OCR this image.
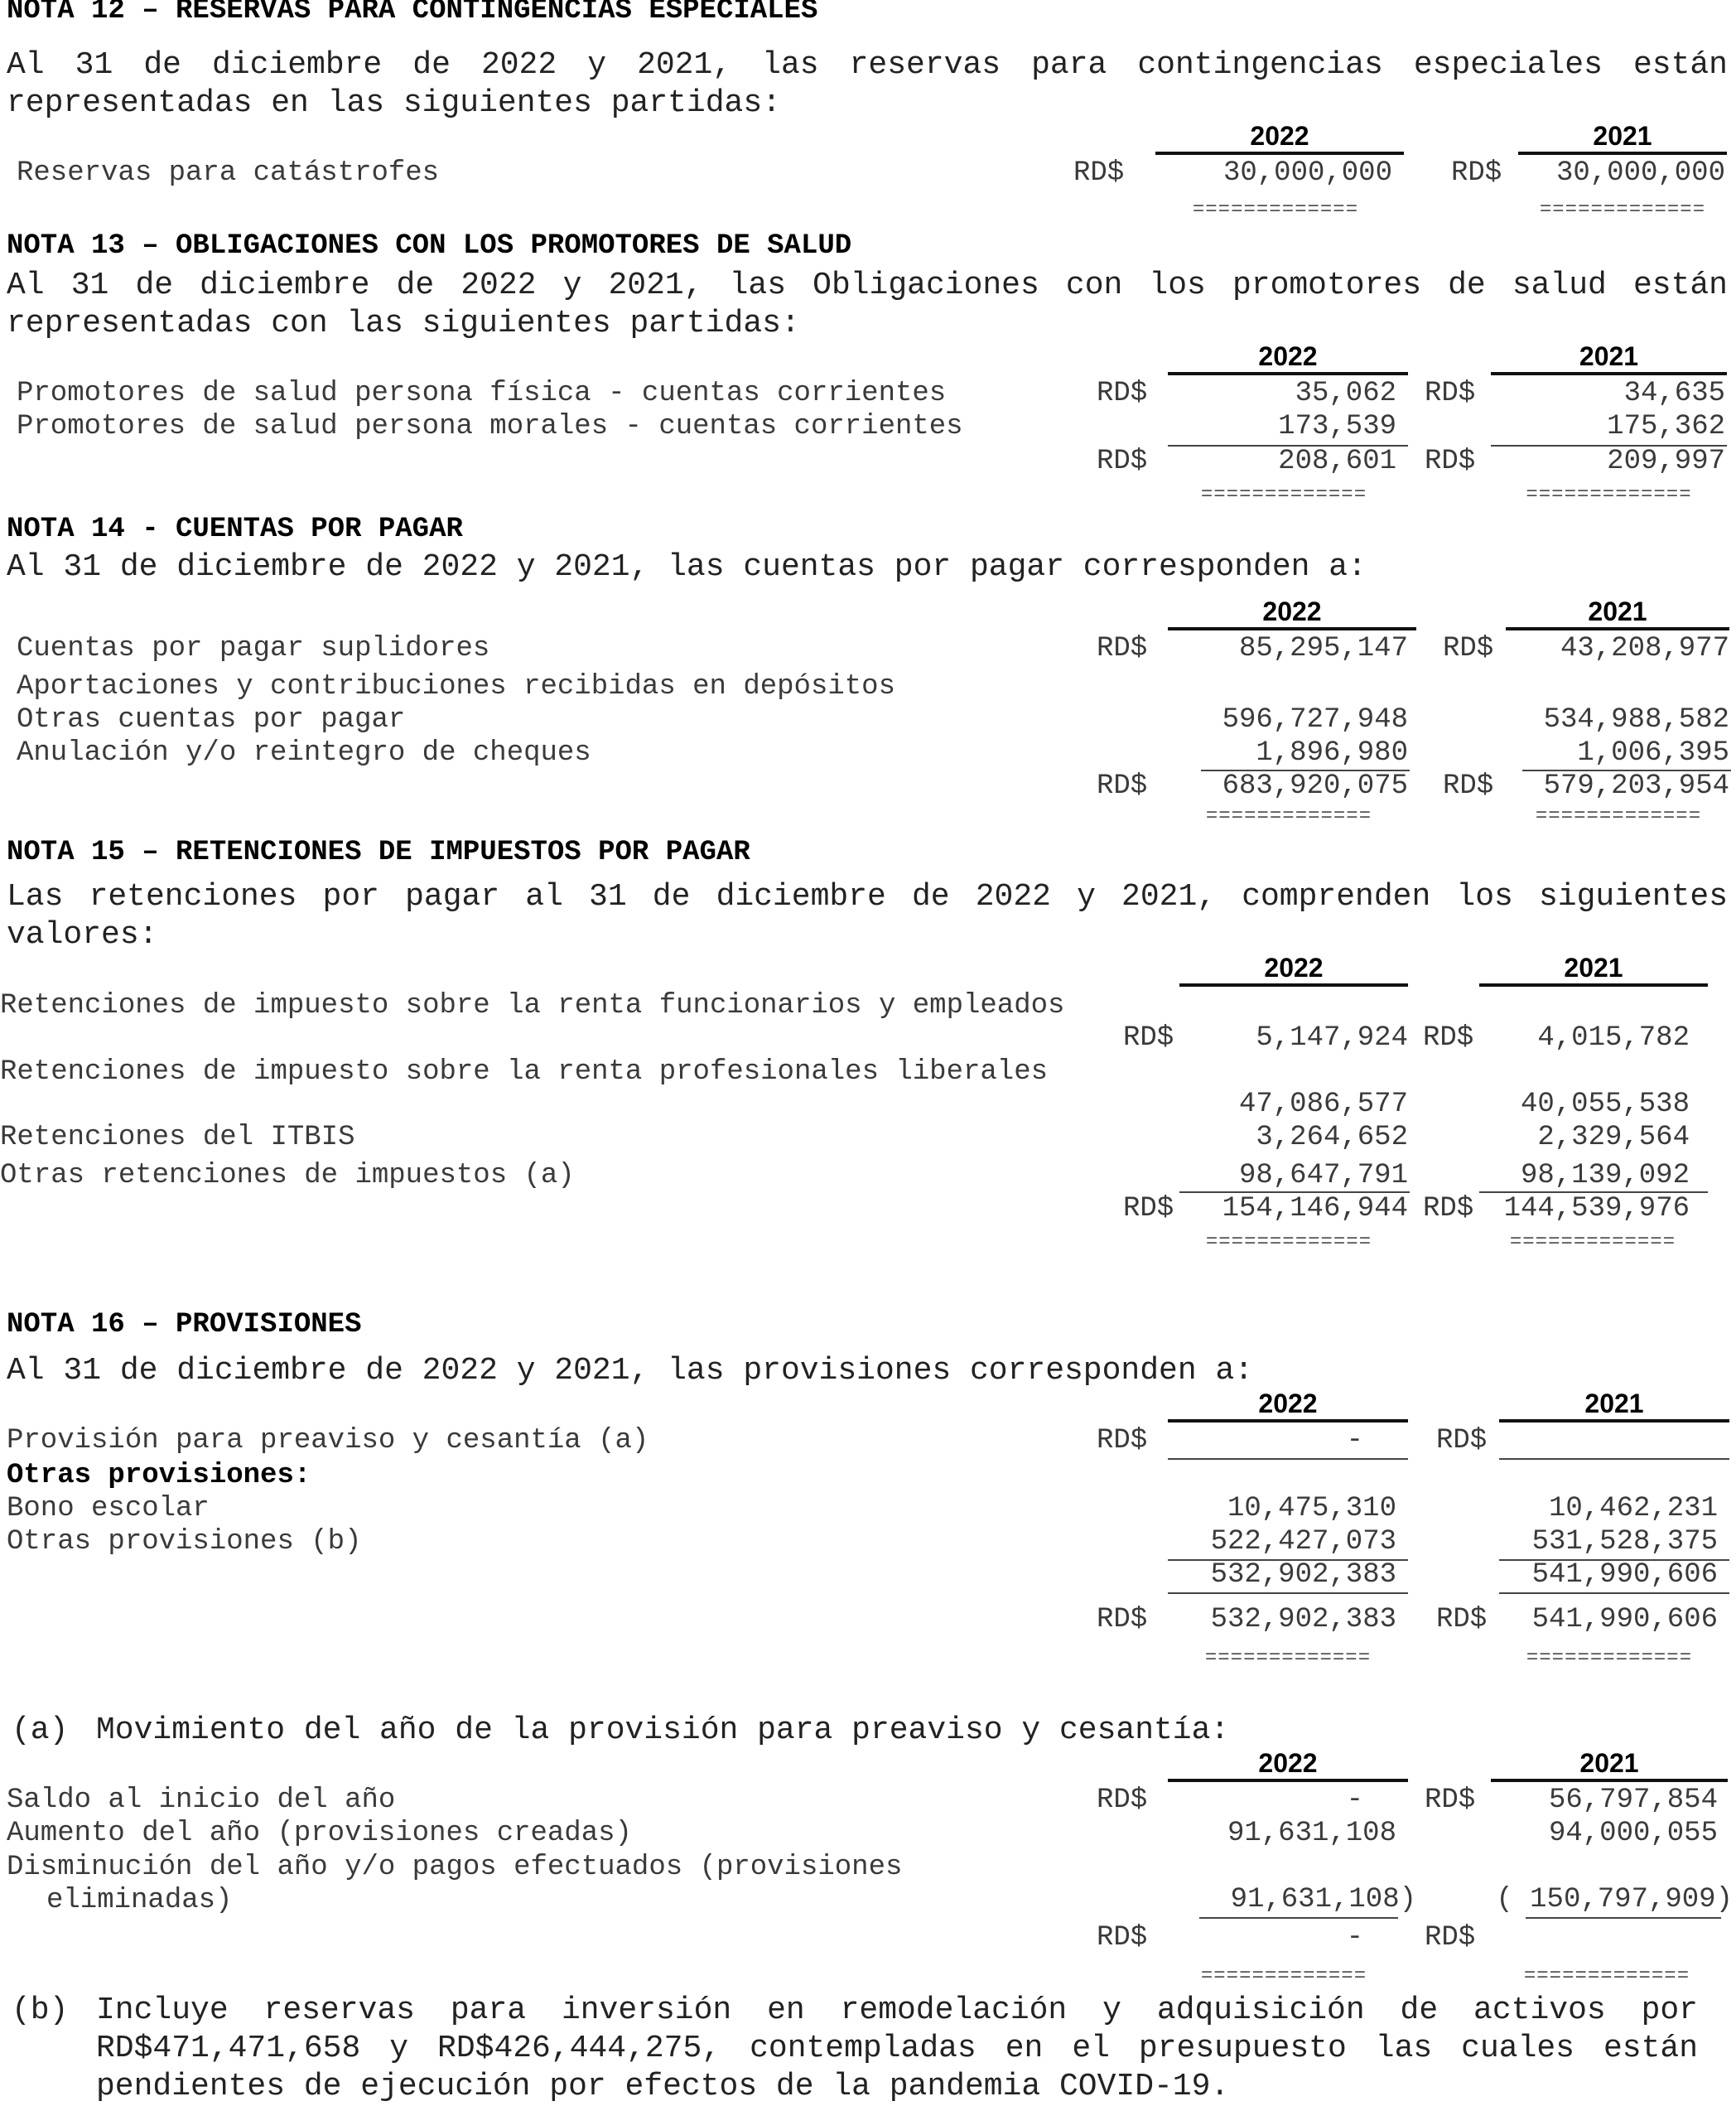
NOTA 12 – RESERVAS PARA CONTINGENCIAS ESPECIALES
Al 31 de diciembre de 2022 y 2021, las reservas para contingencias especiales están representadas en las siguientes partidas:
2022	2021
Reservas para catástrofes	RD$	30,000,000 RD$	30,000,000
=============	=============
NOTA 13 – OBLIGACIONES CON LOS PROMOTORES DE SALUD
Al 31 de diciembre de 2022 y 2021, las Obligaciones con los promotores de salud están representadas con las siguientes partidas:
2022	2021
Promotores de salud persona física - cuentas corrientes	RD$	35,062 RD$	34,635
Promotores de salud persona morales - cuentas corrientes	173,539	175,362
RD$	208,601 RD$	209,997
=============	=============
NOTA 14 - CUENTAS POR PAGAR
Al 31 de diciembre de 2022 y 2021, las cuentas por pagar corresponden a:
2022	2021
Cuentas por pagar suplidores	RD$	85,295,147 RD$	43,208,977
Aportaciones y contribuciones recibidas en depósitos
Otras cuentas por pagar	596,727,948	534,988,582
Anulación y/o reintegro de cheques	1,896,980	1,006,395
RD$	683,920,075 RD$	579,203,954
=============	=============
NOTA 15 – RETENCIONES DE IMPUESTOS POR PAGAR
Las retenciones por pagar al 31 de diciembre de 2022 y 2021, comprenden los siguientes valores:
2022	2021
Retenciones de impuesto sobre la renta funcionarios y empleados
RD$	5,147,924 RD$	4,015,782
Retenciones de impuesto sobre la renta profesionales liberales
47,086,577	40,055,538
Retenciones del ITBIS	3,264,652	2,329,564
Otras retenciones de impuestos (a)	98,647,791	98,139,092
RD$	154,146,944 RD$	144,539,976
=============	=============
NOTA 16 – PROVISIONES
Al 31 de diciembre de 2022 y 2021, las provisiones corresponden a:
2022	2021
Provisión para preaviso y cesantía (a)	RD$	-	RD$
Otras provisiones:
Bono escolar	10,475,310	10,462,231
Otras provisiones (b)	522,427,073	531,528,375
532,902,383	541,990,606
RD$	532,902,383 RD$	541,990,606
=============	=============
(a) Movimiento del año de la provisión para preaviso y cesantía:
2022	2021
Saldo al inicio del año	RD$	- RD$	56,797,854
Aumento del año (provisiones creadas)	91,631,108	94,000,055
Disminución del año y/o pagos efectuados (provisiones eliminadas)	91,631,108)	( 150,797,909)
RD$	- RD$
=============	=============
(b) Incluye reservas para inversión en remodelación y adquisición de activos por RD$471,471,658 y RD$426,444,275, contempladas en el presupuesto las cuales están pendientes de ejecución por efectos de la pandemia COVID-19.
